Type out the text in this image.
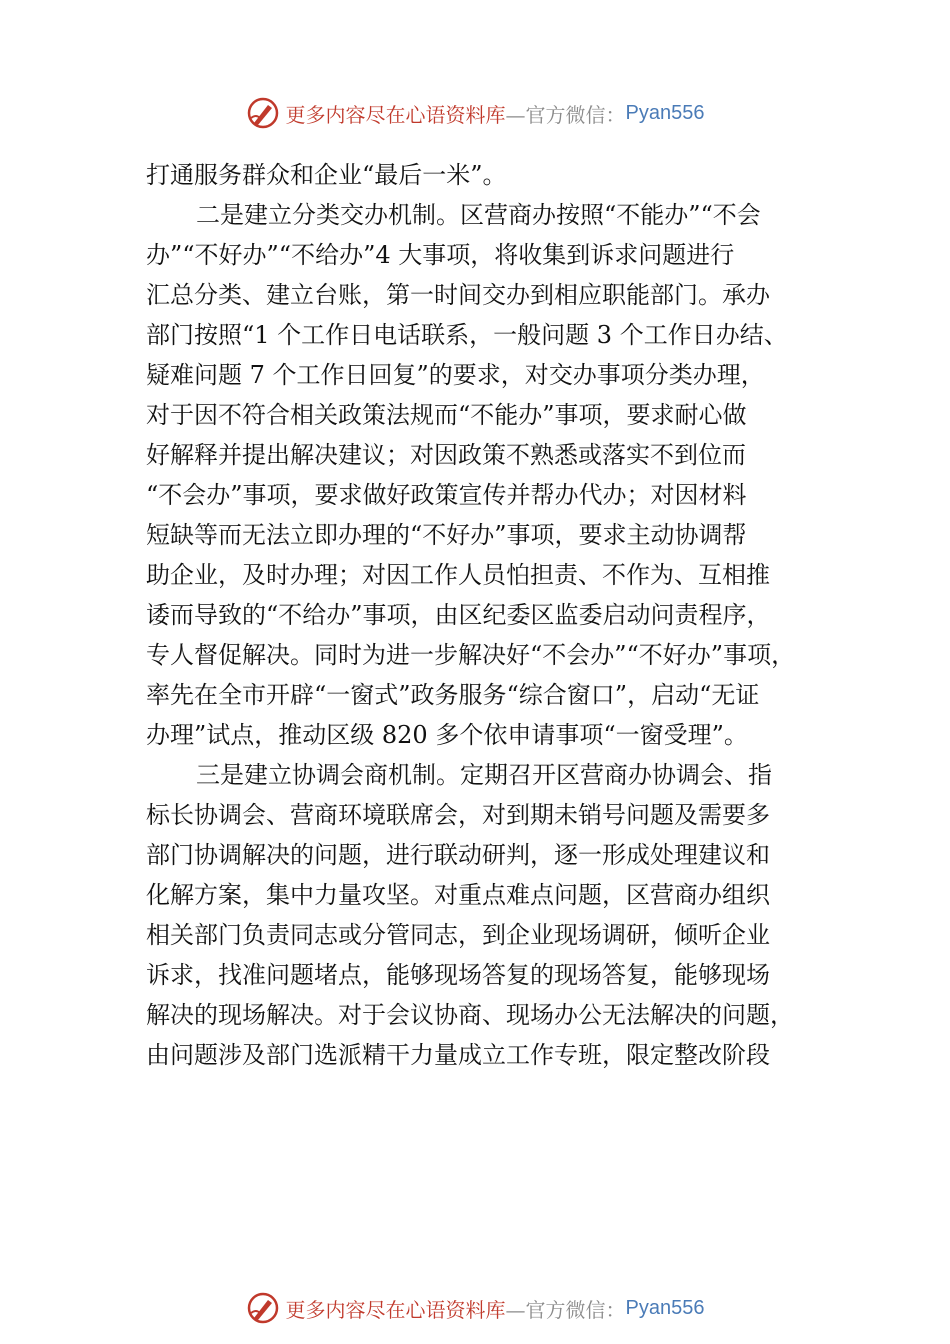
更多内容尽在心语资料库 —官方微信： Pyan556
打通服务群众和企业“最后一米”。
二是建立分类交办机制。区营商办按照“不能办”“不会
办”“不好办”“不给办”4 大事项，将收集到诉求问题进行
汇总分类、建立台账，第一时间交办到相应职能部门。承办
部门按照“1 个工作日电话联系，一般问题 3 个工作日办结、
疑难问题 7 个工作日回复”的要求，对交办事项分类办理，
对于因不符合相关政策法规而“不能办”事项，要求耐心做
好解释并提出解决建议；对因政策不熟悉或落实不到位而
“不会办”事项，要求做好政策宣传并帮办代办；对因材料
短缺等而无法立即办理的“不好办”事项，要求主动协调帮
助企业，及时办理；对因工作人员怕担责、不作为、互相推
诿而导致的“不给办”事项，由区纪委区监委启动问责程序，
专人督促解决。同时为进一步解决好“不会办”“不好办”事项，
率先在全市开辟“一窗式”政务服务“综合窗口”，启动“无证
办理”试点，推动区级 820 多个依申请事项“一窗受理”。
三是建立协调会商机制。定期召开区营商办协调会、指
标长协调会、营商环境联席会，对到期未销号问题及需要多
部门协调解决的问题，进行联动研判，逐一形成处理建议和
化解方案，集中力量攻坚。对重点难点问题，区营商办组织
相关部门负责同志或分管同志，到企业现场调研，倾听企业
诉求，找准问题堵点，能够现场答复的现场答复，能够现场
解决的现场解决。对于会议协商、现场办公无法解决的问题，
由问题涉及部门选派精干力量成立工作专班，限定整改阶段
更多内容尽在心语资料库 —官方微信： Pyan556
